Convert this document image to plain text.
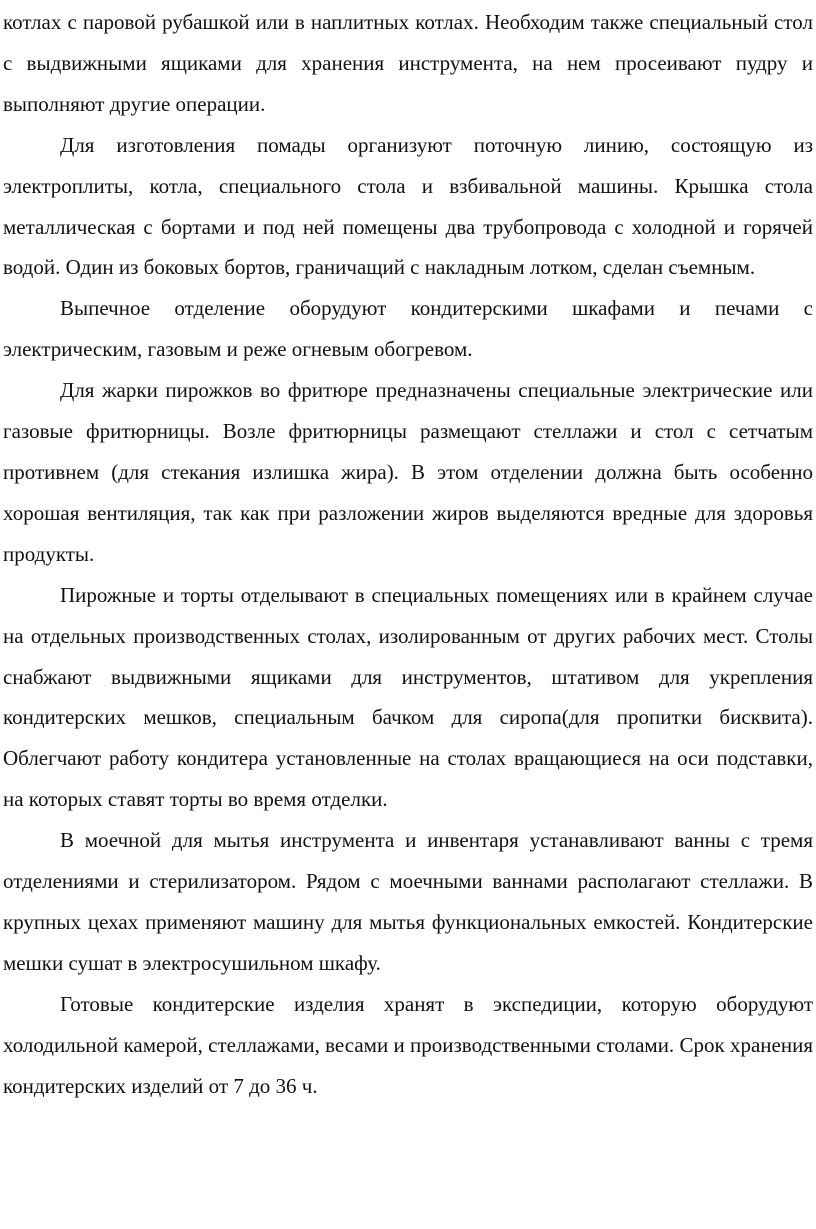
котлах с паровой рубашкой или в наплитных котлах. Необходим также специальный стол с выдвижными ящиками для хранения инструмента, на нем просеивают пудру и выполняют другие операции.

Для изготовления помады организуют поточную линию, состоящую из электроплиты, котла, специального стола и взбивальной машины. Крышка стола металлическая с бортами и под ней помещены два трубопровода с холодной и горячей водой. Один из боковых бортов, граничащий с накладным лотком, сделан съемным.

Выпечное отделение оборудуют кондитерскими шкафами и печами с электрическим, газовым и реже огневым обогревом.

Для жарки пирожков во фритюре предназначены специальные электрические или газовые фритюрницы. Возле фритюрницы размещают стеллажи и стол с сетчатым противнем (для стекания излишка жира). В этом отделении должна быть особенно хорошая вентиляция, так как при разложении жиров выделяются вредные для здоровья продукты.

Пирожные и торты отделывают в специальных помещениях или в крайнем случае на отдельных производственных столах, изолированным от других рабочих мест. Столы снабжают выдвижными ящиками для инструментов, штативом для укрепления кондитерских мешков, специальным бачком для сиропа(для пропитки бисквита). Облегчают работу кондитера установленные на столах вращающиеся на оси подставки, на которых ставят торты во время отделки.

В моечной для мытья инструмента и инвентаря устанавливают ванны с тремя отделениями и стерилизатором. Рядом с моечными ваннами располагают стеллажи. В крупных цехах применяют машину для мытья функциональных емкостей. Кондитерские мешки сушат в электросушильном шкафу.

Готовые кондитерские изделия хранят в экспедиции, которую оборудуют холодильной камерой, стеллажами, весами и производственными столами. Срок хранения кондитерских изделий от 7 до 36 ч.
